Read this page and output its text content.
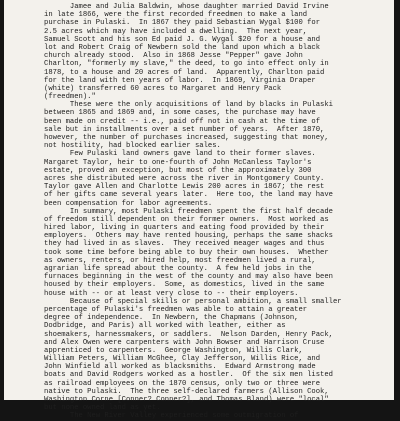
Jamee and Julia Baldwin, whose daughter married David Irvine
in late 1866, were the first recorded freedmen to make a land
purchase in Pulaski.  In 1867 they paid Sebastian Wygal $100 for
2.5 acres which may have included a dwelling.  The next year,
Samuel Scott and his son Ed paid J. G. Wygal $20 for a house and
lot and Robert Craig of Newbern sold the land upon which a black
church already stood.  Also in 1868 Jesse "Pepper" gave John
Charlton, "formerly my slave," the deed, to go into effect only in
1878, to a house and 20 acres of land.  Apparently, Charlton paid
for the land with ten years of labor.  In 1869, Virginia Draper
(white) transferred 60 acres to Margaret and Henry Pack
(freedmen)."
These were the only acquisitions of land by blacks in Pulaski
between 1865 and 1869 and, in some cases, the purchase may have
been made on credit -- i.e., paid off not in cash at the time of
sale but in installments over a set number of years.  After 1870,
however, the number of purchases increased, suggesting that money,
not hostility, had blocked earlier sales.
Few Pulaski land owners gave land to their former slaves.
Margaret Taylor, heir to one-fourth of John McCanless Taylor's
estate, proved an exception, but most of the approximately 300
acres she distributed were across the river in Montgomery County.
Taylor gave Allen and Charlotte Lewis 200 acres in 1867; the rest
of her gifts came several years later.  Here too, the land may have
been compensation for labor agreements.
In summary, most Pulaski freedmen spent the first half decade
of freedom still dependent on their former owners.  Most worked as
hired labor, living in quarters and eating food provided by their
employers.  Others may have rented housing, perhaps the same shacks
they had lived in as slaves.  They received meager wages and thus
took some time before being able to buy their own houses.  Whether
as owners, renters, or hired help, most freedmen lived a rural,
agrarian life spread about the county.  A few held jobs in the
furnaces beginning in the west of the county and may also have been
housed by their employers.  Some, as domestics, lived in the same
house with -- or at least very close to -- their employers.
Because of special skills or personal ambition, a small smaller
percentage of Pulaski's freedmen was able to attain a greater
degree of independence.  In Newbern, the Chapmans (Johnson,
Dodbridge, and Paris) all worked with leather, either as
shoemakers, harnessmakers, or saddlers.  Nelson Darden, Henry Pack,
and Alex Owen were carpenters with John Bowser and Harrison Cruse
apprenticed to carpenters.  George Washington, Willis Clark,
William Peters, William McGhee, Clay Jefferson, Willis Rice, and
John Winfield all worked as blacksmiths.  Edward Armstrong made
boats and David Rodgers worked as a hostler.  Of the six men listed
as railroad employees on the 1870 census, only two or three were
native to Pulaski.  The three self-declared farmers (Allison Cook,
Washington Corne [Conner? Conner?], and Thomas Bland) were "local"
but none owned land as yet.
The New River Valley experienced some outmigration of
